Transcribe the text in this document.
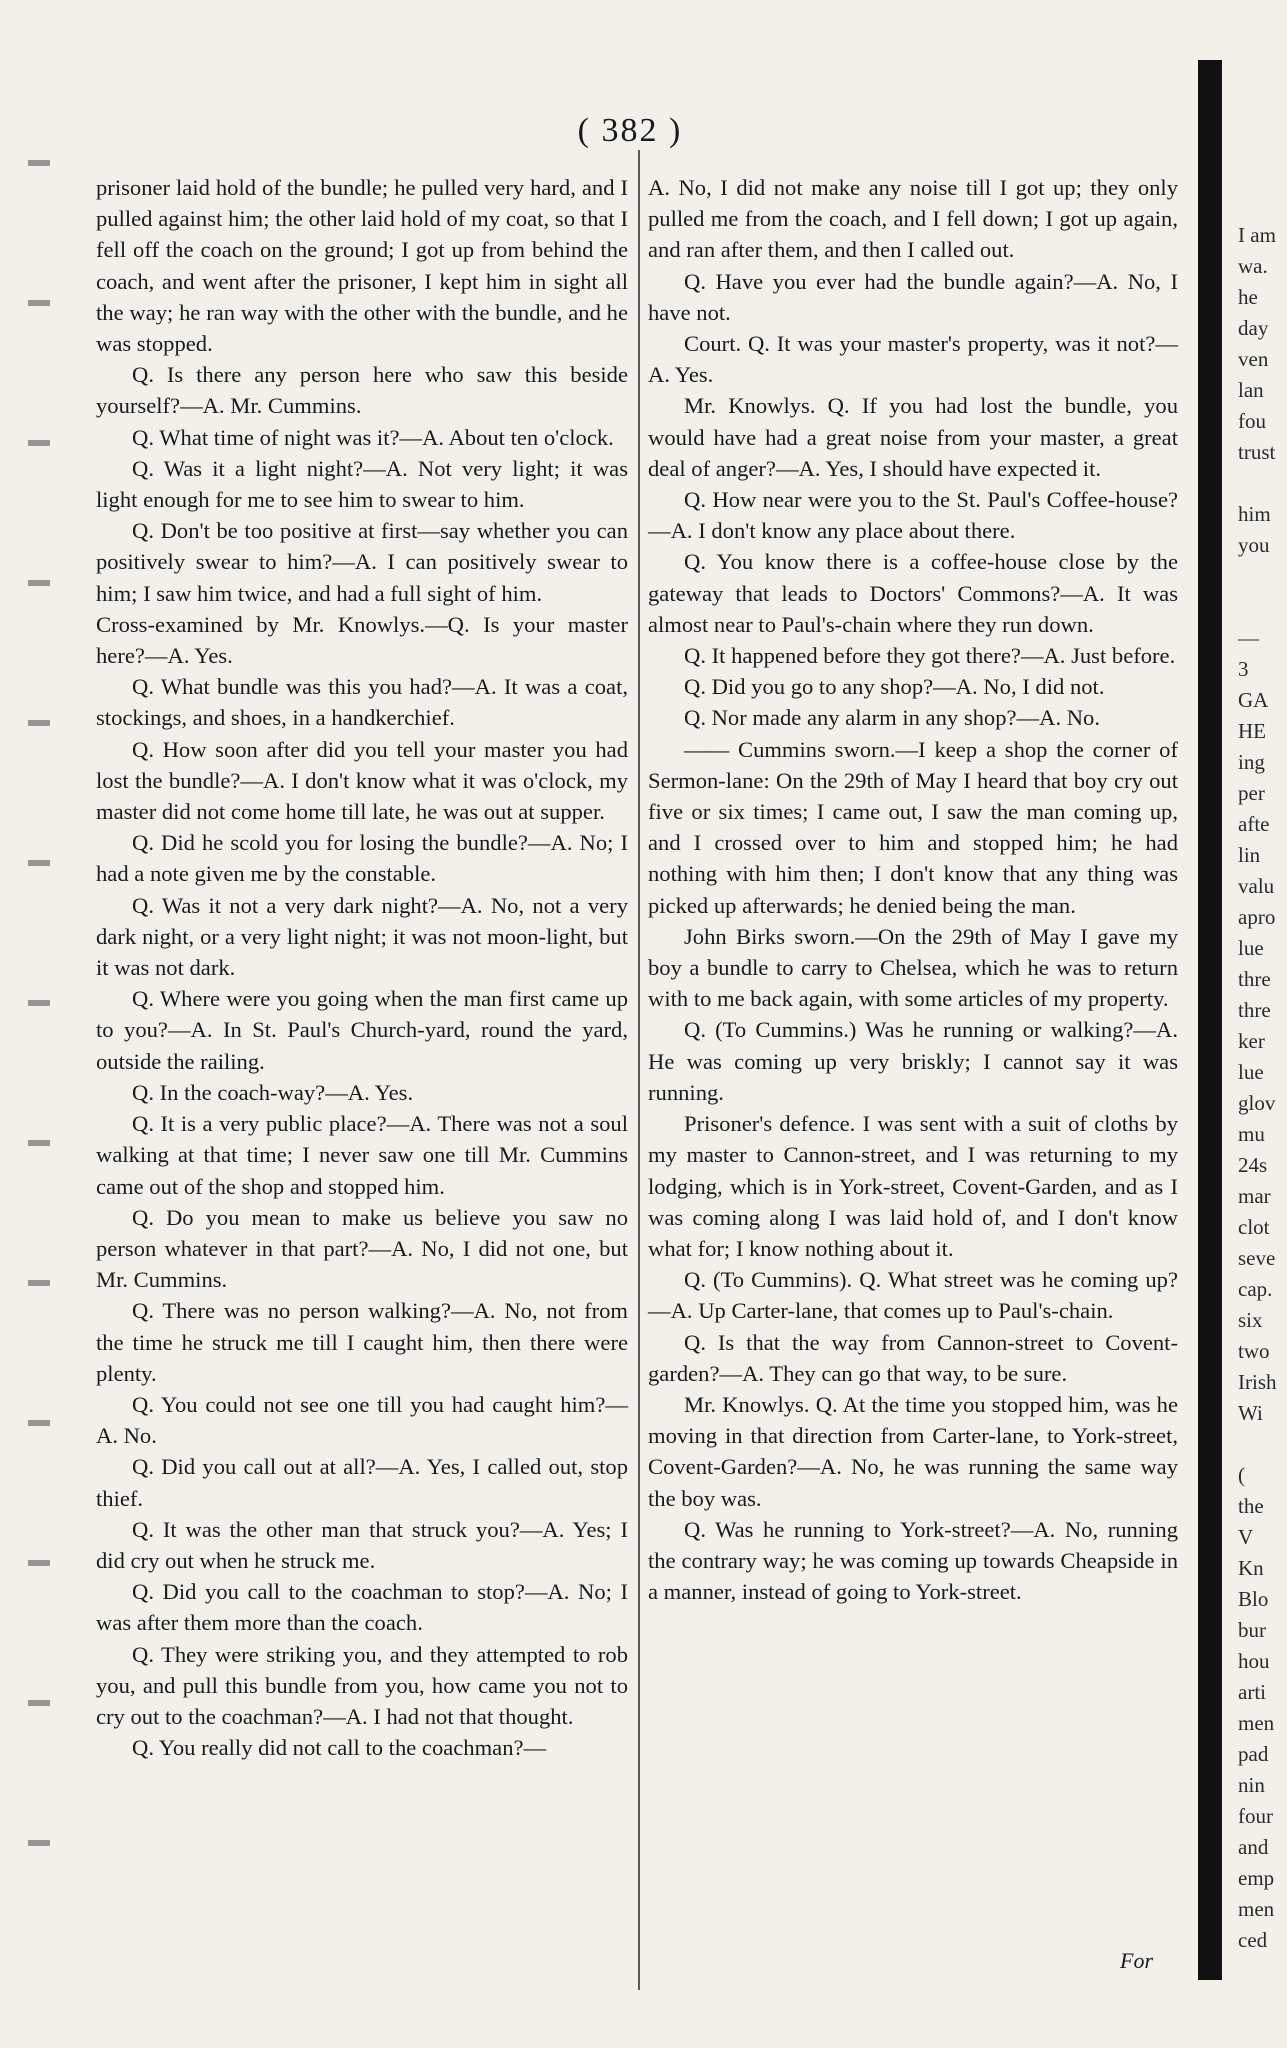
( 382 )

prisoner laid hold of the bundle; he pulled very hard, and I pulled against him; the other laid hold of my coat, so that I fell off the coach on the ground; I got up from behind the coach, and went after the prisoner, I kept him in sight all the way; he ran way with the other with the bundle, and he was stopped.

Q. Is there any person here who saw this beside yourself?—A. Mr. Cummins.

Q. What time of night was it?—A. About ten o'clock.

Q. Was it a light night?—A. Not very light; it was light enough for me to see him to swear to him.

Q. Don't be too positive at first—say whether you can positively swear to him?—A. I can positively swear to him; I saw him twice, and had a full sight of him.

Cross-examined by Mr. Knowlys.—Q. Is your master here?—A. Yes.

Q. What bundle was this you had?—A. It was a coat, stockings, and shoes, in a handkerchief.

Q. How soon after did you tell your master you had lost the bundle?—A. I don't know what it was o'clock, my master did not come home till late, he was out at supper.

Q. Did he scold you for losing the bundle?—A. No; I had a note given me by the constable.

Q. Was it not a very dark night?—A. No, not a very dark night, or a very light night; it was not moon-light, but it was not dark.

Q. Where were you going when the man first came up to you?—A. In St. Paul's Church-yard, round the yard, outside the railing.

Q. In the coach-way?—A. Yes.

Q. It is a very public place?—A. There was not a soul walking at that time; I never saw one till Mr. Cummins came out of the shop and stopped him.

Q. Do you mean to make us believe you saw no person whatever in that part?—A. No, I did not one, but Mr. Cummins.

Q. There was no person walking?—A. No, not from the time he struck me till I caught him, then there were plenty.

Q. You could not see one till you had caught him?—A. No.

Q. Did you call out at all?—A. Yes, I called out, stop thief.

Q. It was the other man that struck you?—A. Yes; I did cry out when he struck me.

Q. Did you call to the coachman to stop?—A. No; I was after them more than the coach.

Q. They were striking you, and they attempted to rob you, and pull this bundle from you, how came you not to cry out to the coachman?—A. I had not that thought.

Q. You really did not call to the coachman?—

A. No, I did not make any noise till I got up; they only pulled me from the coach, and I fell down; I got up again, and ran after them, and then I called out.

Q. Have you ever had the bundle again?—A. No, I have not.

Court. Q. It was your master's property, was it not?—A. Yes.

Mr. Knowlys. Q. If you had lost the bundle, you would have had a great noise from your master, a great deal of anger?—A. Yes, I should have expected it.

Q. How near were you to the St. Paul's Coffee-house?—A. I don't know any place about there.

Q. You know there is a coffee-house close by the gateway that leads to Doctors' Commons?—A. It was almost near to Paul's-chain where they run down.

Q. It happened before they got there?—A. Just before.

Q. Did you go to any shop?—A. No, I did not.

Q. Nor made any alarm in any shop?—A. No.

—— Cummins sworn.—I keep a shop the corner of Sermon-lane: On the 29th of May I heard that boy cry out five or six times; I came out, I saw the man coming up, and I crossed over to him and stopped him; he had nothing with him then; I don't know that any thing was picked up afterwards; he denied being the man.

John Birks sworn.—On the 29th of May I gave my boy a bundle to carry to Chelsea, which he was to return with to me back again, with some articles of my property.

Q. (To Cummins.) Was he running or walking?—A. He was coming up very briskly; I cannot say it was running.

Prisoner's defence. I was sent with a suit of cloths by my master to Cannon-street, and I was returning to my lodging, which is in York-street, Covent-Garden, and as I was coming along I was laid hold of, and I don't know what for; I know nothing about it.

Q. (To Cummins). Q. What street was he coming up?—A. Up Carter-lane, that comes up to Paul's-chain.

Q. Is that the way from Cannon-street to Covent-garden?—A. They can go that way, to be sure.

Mr. Knowlys. Q. At the time you stopped him, was he moving in that direction from Carter-lane, to York-street, Covent-Garden?—A. No, he was running the same way the boy was.

Q. Was he running to York-street?—A. No, running the contrary way; he was coming up towards Cheapside in a manner, instead of going to York-street.

For
I am
wa.
he
day
ven
lan
fou
trust

him
you

—
3
GA
HE
ing
per
afte
lin
valu
apro
lue
thre
thre
ker
lue
glov
mu
24s
mar
clot
seve
cap.
six
two
Irish
Wi

(
the
V
Kn
Blo
bur
hou
arti
men
pad
nin
four
and
emp
men
ced
